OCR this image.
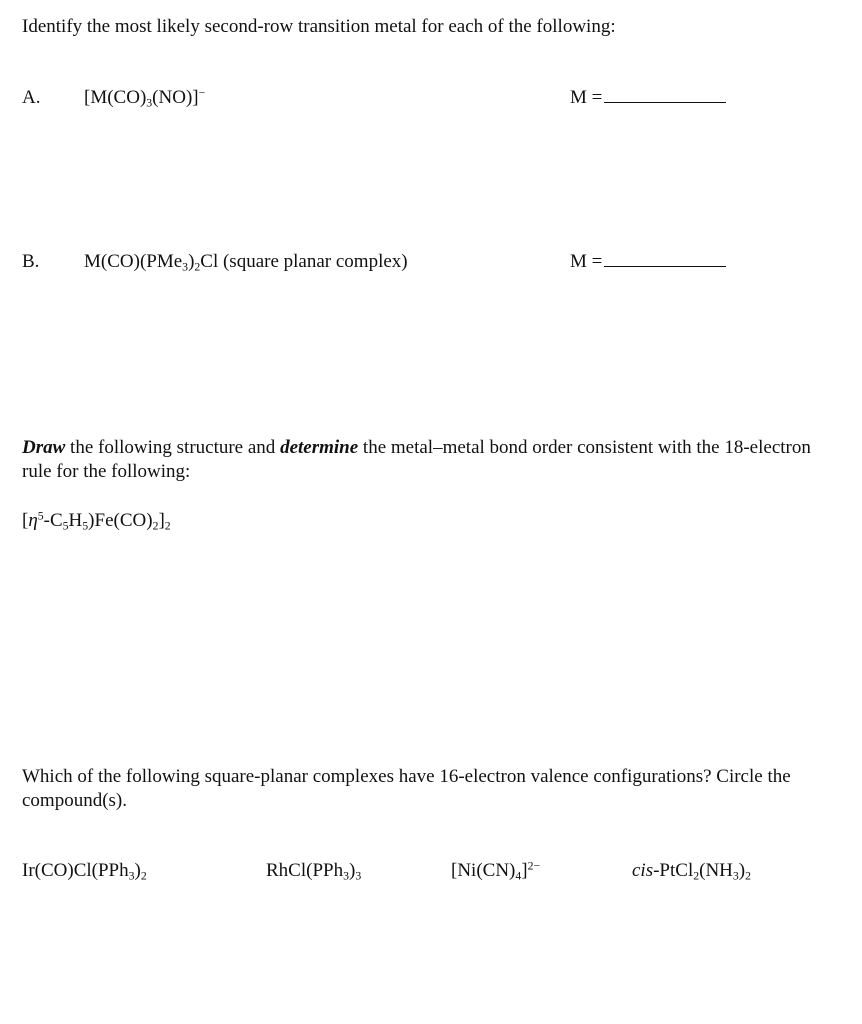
Identify the most likely second-row transition metal for each of the following:
A. $[M(CO)_3(NO)]^-$	M =
B. $M(CO)(PMe_3)_2Cl$ (square planar complex)	M =
Draw the following structure and determine the metal–metal bond order consistent with the 18-electron rule for the following:
$[\eta^5-C_5H_5)Fe(CO)_2]_2$
Which of the following square-planar complexes have 16-electron valence configurations? Circle the compound(s).
$Ir(CO)Cl(PPh_3)_2$	$RhCl(PPh_3)_3$	$[Ni(CN)_4]^{2-}$	cis-$PtCl_2(NH_3)_2$
